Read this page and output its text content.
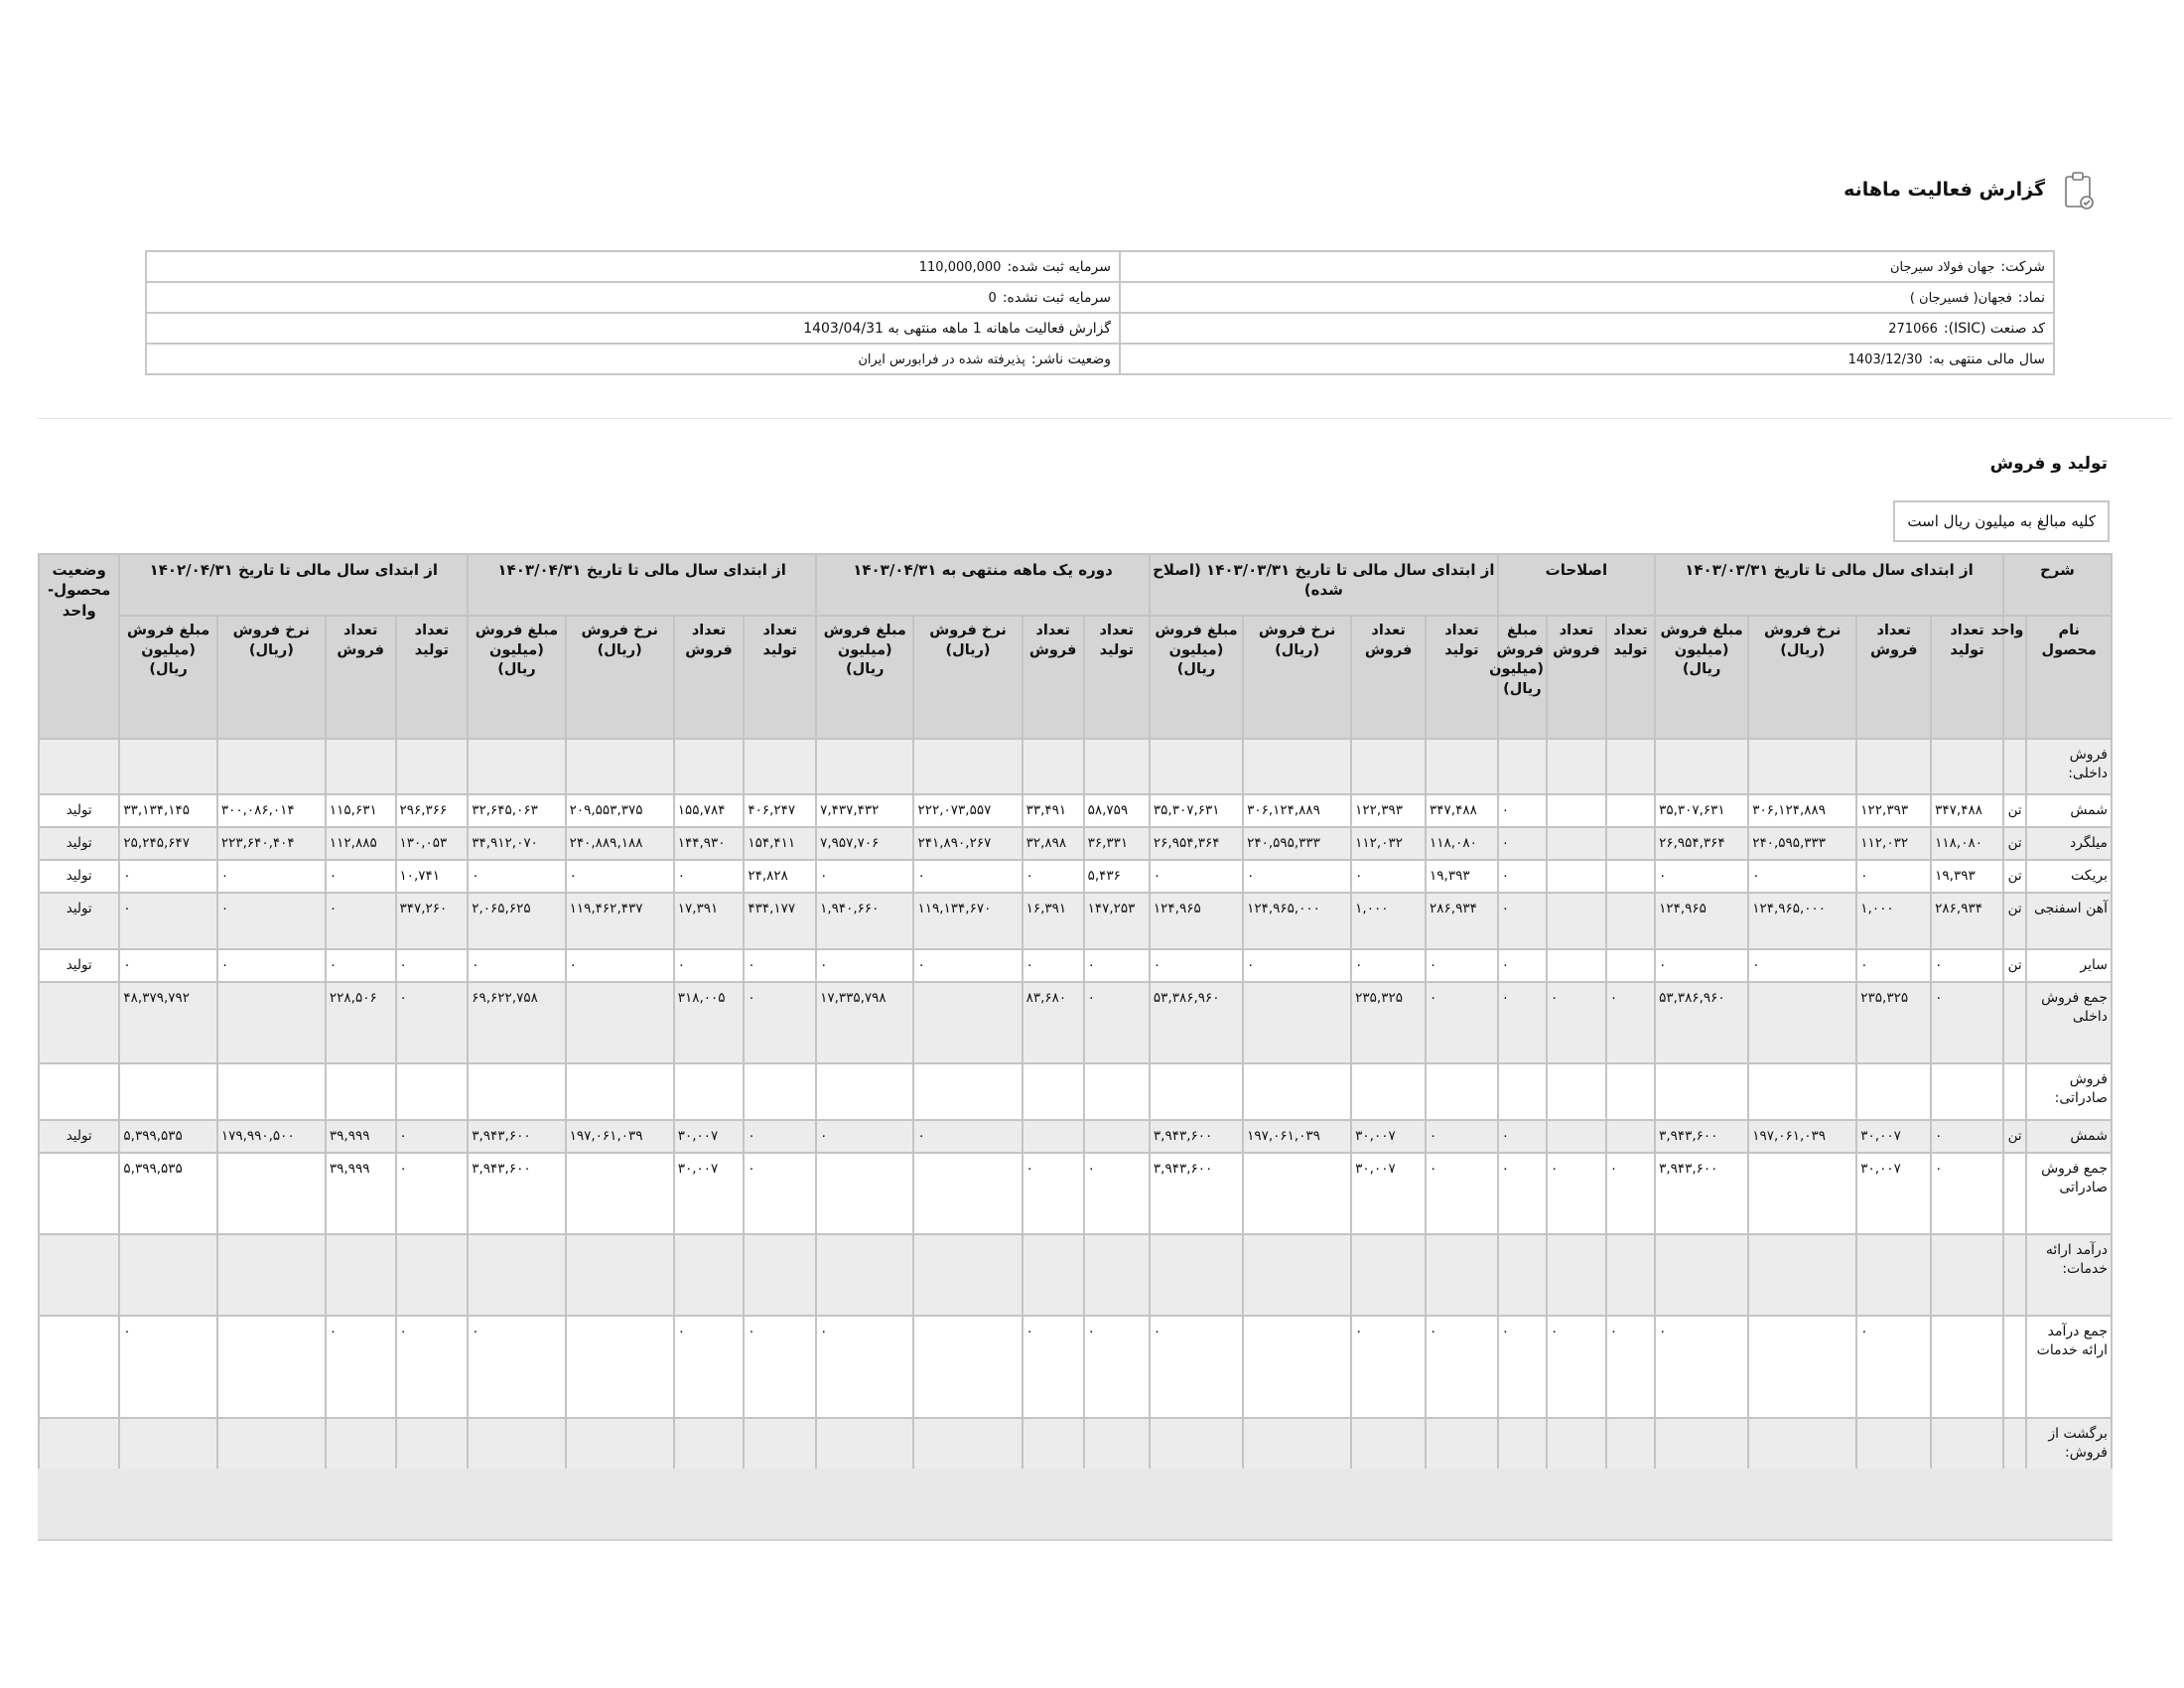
گزارش فعالیت ماهانه
شرکت:جهان فولاد سیرجان	سرمایه ثبت شده:110,000,000
نماد:فجهان( فسیرجان )	سرمایه ثبت نشده:0
کد صنعت (ISIC):271066	گزارش فعالیت ماهانه 1 ماهه منتهی به 1403/04/31
سال مالی منتهی به:1403/12/30	وضعیت ناشر:پذیرفته شده در فرابورس ایران
تولید و فروش
کلیه مبالغ به میلیون ریال است
شرح		از ابتدای سال مالی تا تاریخ ۱۴۰۳/۰۳/۳۱				اصلاحات			از ابتدای سال مالی تا تاریخ ۱۴۰۳/۰۳/۳۱ (اصلاح شده)				دوره یک ماهه منتهی به ۱۴۰۳/۰۴/۳۱				از ابتدای سال مالی تا تاریخ ۱۴۰۳/۰۴/۳۱				از ابتدای سال مالی تا تاریخ ۱۴۰۲/۰۴/۳۱				وضعیت محصول-واحد
نام محصول	واحد	تعداد تولید	تعداد فروش	نرخ فروش (ریال)	مبلغ فروش (میلیون ریال)	تعداد تولید	تعداد فروش	مبلغ فروش (میلیون ریال)	تعداد تولید	تعداد فروش	نرخ فروش (ریال)	مبلغ فروش (میلیون ریال)	تعداد تولید	تعداد فروش	نرخ فروش (ریال)	مبلغ فروش (میلیون ریال)	تعداد تولید	تعداد فروش	نرخ فروش (ریال)	مبلغ فروش (میلیون ریال)	تعداد تولید	تعداد فروش	نرخ فروش (ریال)	مبلغ فروش (میلیون ریال)	
فروش داخلی:																									
شمش	تن	۳۴۷,۴۸۸	۱۲۲,۳۹۳	۳۰۶,۱۲۴,۸۸۹	۳۵,۳۰۷,۶۳۱			۰	۳۴۷,۴۸۸	۱۲۲,۳۹۳	۳۰۶,۱۲۴,۸۸۹	۳۵,۳۰۷,۶۳۱	۵۸,۷۵۹	۳۳,۴۹۱	۲۲۲,۰۷۳,۵۵۷	۷,۴۳۷,۴۳۲	۴۰۶,۲۴۷	۱۵۵,۷۸۴	۲۰۹,۵۵۳,۳۷۵	۳۲,۶۴۵,۰۶۳	۲۹۶,۳۶۶	۱۱۵,۶۳۱	۳۰۰,۰۸۶,۰۱۴	۳۳,۱۳۴,۱۴۵	تولید
میلگرد	تن	۱۱۸,۰۸۰	۱۱۲,۰۳۲	۲۴۰,۵۹۵,۳۳۳	۲۶,۹۵۴,۳۶۴			۰	۱۱۸,۰۸۰	۱۱۲,۰۳۲	۲۴۰,۵۹۵,۳۳۳	۲۶,۹۵۴,۳۶۴	۳۶,۳۳۱	۳۲,۸۹۸	۲۴۱,۸۹۰,۲۶۷	۷,۹۵۷,۷۰۶	۱۵۴,۴۱۱	۱۴۴,۹۳۰	۲۴۰,۸۸۹,۱۸۸	۳۴,۹۱۲,۰۷۰	۱۳۰,۰۵۳	۱۱۲,۸۸۵	۲۲۳,۶۴۰,۴۰۴	۲۵,۲۴۵,۶۴۷	تولید
بریکت	تن	۱۹,۳۹۳	۰	۰	۰			۰	۱۹,۳۹۳	۰	۰	۰	۵,۴۳۶	۰	۰	۰	۲۴,۸۲۸	۰	۰	۰	۱۰,۷۴۱	۰	۰	۰	تولید
آهن اسفنجی	تن	۲۸۶,۹۳۴	۱,۰۰۰	۱۲۴,۹۶۵,۰۰۰	۱۲۴,۹۶۵			۰	۲۸۶,۹۳۴	۱,۰۰۰	۱۲۴,۹۶۵,۰۰۰	۱۲۴,۹۶۵	۱۴۷,۲۵۳	۱۶,۳۹۱	۱۱۹,۱۳۴,۶۷۰	۱,۹۴۰,۶۶۰	۴۳۴,۱۷۷	۱۷,۳۹۱	۱۱۹,۴۶۲,۴۳۷	۲,۰۶۵,۶۲۵	۳۴۷,۲۶۰	۰	۰	۰	تولید
سایر	تن	۰	۰	۰	۰			۰	۰	۰	۰	۰	۰	۰	۰	۰	۰	۰	۰	۰	۰	۰	۰	۰	تولید
جمع فروش داخلی		۰	۲۳۵,۳۲۵		۵۳,۳۸۶,۹۶۰	۰	۰	۰	۰	۲۳۵,۳۲۵		۵۳,۳۸۶,۹۶۰	۰	۸۳,۶۸۰		۱۷,۳۳۵,۷۹۸	۰	۳۱۸,۰۰۵		۶۹,۶۲۲,۷۵۸	۰	۲۲۸,۵۰۶		۴۸,۳۷۹,۷۹۲	
فروش صادراتی:																									
شمش	تن	۰	۳۰,۰۰۷	۱۹۷,۰۶۱,۰۳۹	۳,۹۴۳,۶۰۰			۰	۰	۳۰,۰۰۷	۱۹۷,۰۶۱,۰۳۹	۳,۹۴۳,۶۰۰			۰	۰	۰	۳۰,۰۰۷	۱۹۷,۰۶۱,۰۳۹	۳,۹۴۳,۶۰۰	۰	۳۹,۹۹۹	۱۷۹,۹۹۰,۵۰۰	۵,۳۹۹,۵۳۵	تولید
جمع فروش صادراتی		۰	۳۰,۰۰۷		۳,۹۴۳,۶۰۰	۰	۰	۰	۰	۳۰,۰۰۷		۳,۹۴۳,۶۰۰	۰	۰			۰	۳۰,۰۰۷		۳,۹۴۳,۶۰۰	۰	۳۹,۹۹۹		۵,۳۹۹,۵۳۵	
درآمد ارائه خدمات:																									
جمع درآمد ارائه خدمات			۰		۰	۰	۰	۰	۰	۰		۰	۰	۰		۰	۰	۰		۰	۰	۰		۰	
برگشت از فروش:																									
